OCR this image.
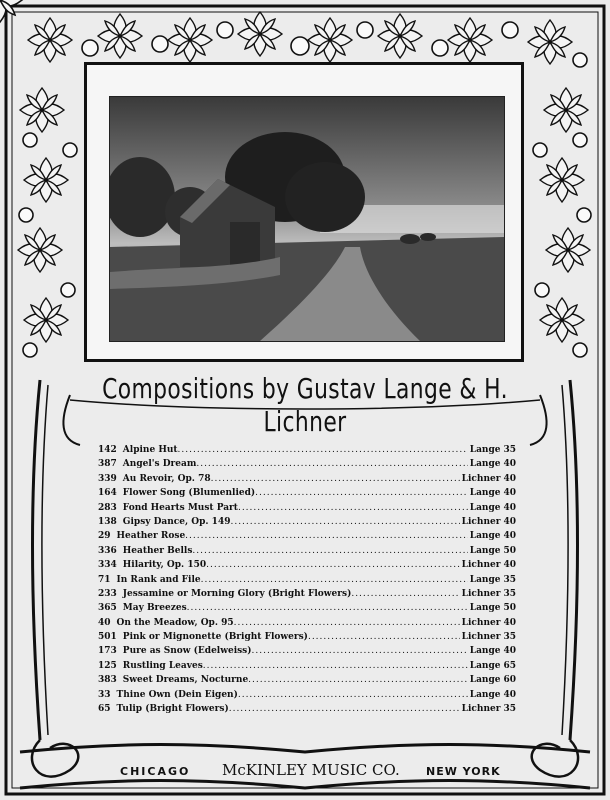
Compositions by Gustav Lange & H. Lichner
142 Alpine Hut .....	Lange 35
387 Angel's Dream .....	Lange 40
339 Au Revoir, Op. 78 .....	Lichner 40
164 Flower Song (Blumenlied) .....	Lange 40
283 Fond Hearts Must Part .....	Lange 40
138 Gipsy Dance, Op. 149 .....	Lichner 40
29 Heather Rose .....	Lange 40
336 Heather Bells .....	Lange 50
334 Hilarity, Op. 150 .....	Lichner 40
71 In Rank and File .....	Lange 35
233 Jessamine or Morning Glory (Bright Flowers) .....	Lichner 35
365 May Breezes .....	Lange 50
40 On the Meadow, Op. 95 .....	Lichner 40
501 Pink or Mignonette (Bright Flowers) .....	Lichner 35
173 Pure as Snow (Edelweiss) .....	Lange 40
125 Rustling Leaves .....	Lange 65
383 Sweet Dreams, Nocturne .....	Lange 60
33 Thine Own (Dein Eigen) .....	Lange 40
65 Tulip (Bright Flowers) .....	Lichner 35
CHICAGO McKINLEY MUSIC CO. NEW YORK
